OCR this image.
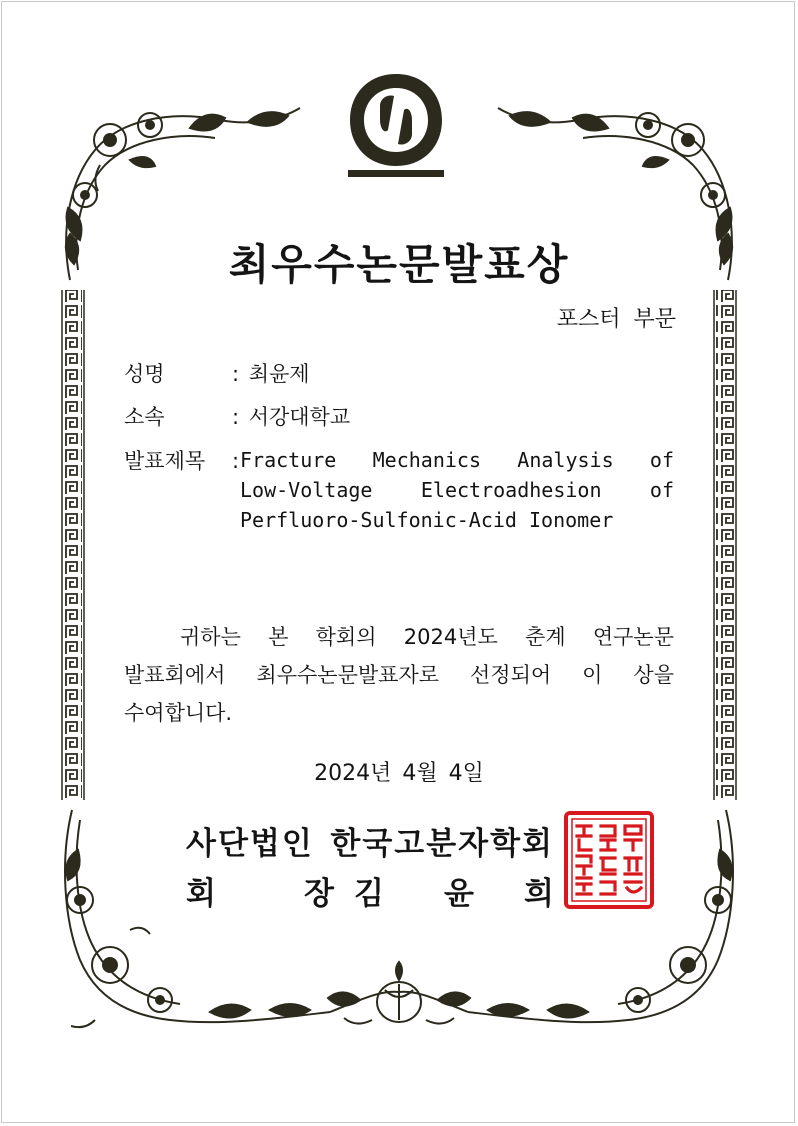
최우수논문발표상
포스터 부문
성명	: 최윤제
소속	: 서강대학교
발표제목 : Fracture Mechanics Analysis of
Low-Voltage Electroadhesion of
Perfluoro-Sulfonic-Acid Ionomer
귀하는 본 학회의 2024년도 춘계 연구논문
발표회에서 최우수논문발표자로 선정되어 이 상을
수여합니다.
2024년 4월 4일
사단법인 한국고분자학회
회	장 김 윤 희
